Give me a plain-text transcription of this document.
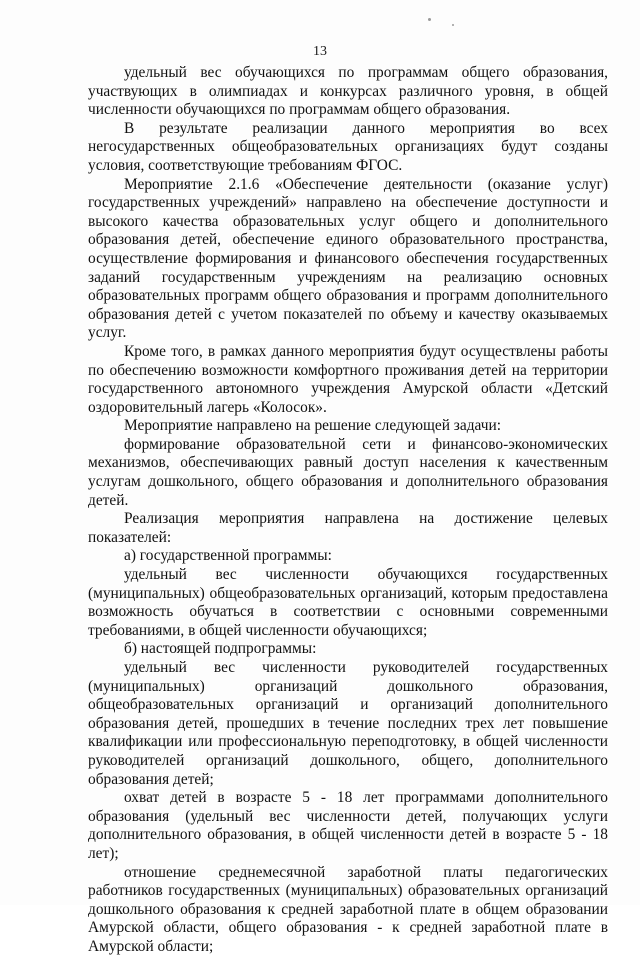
13

удельный вес обучающихся по программам общего образования, участвующих в олимпиадах и конкурсах различного уровня, в общей численности обучающихся по программам общего образования.

В результате реализации данного мероприятия во всех негосударственных общеобразовательных организациях будут созданы условия, соответствующие требованиям ФГОС.

Мероприятие 2.1.6 «Обеспечение деятельности (оказание услуг) государственных учреждений» направлено на обеспечение доступности и высокого качества образовательных услуг общего и дополнительного образования детей, обеспечение единого образовательного пространства, осуществление формирования и финансового обеспечения государственных заданий государственным учреждениям на реализацию основных образовательных программ общего образования и программ дополнительного образования детей с учетом показателей по объему и качеству оказываемых услуг.

Кроме того, в рамках данного мероприятия будут осуществлены работы по обеспечению возможности комфортного проживания детей на территории государственного автономного учреждения Амурской области «Детский оздоровительный лагерь «Колосок».

Мероприятие направлено на решение следующей задачи:

формирование образовательной сети и финансово-экономических механизмов, обеспечивающих равный доступ населения к качественным услугам дошкольного, общего образования и дополнительного образования детей.

Реализация мероприятия направлена на достижение целевых показателей:

а) государственной программы:

удельный вес численности обучающихся государственных (муниципальных) общеобразовательных организаций, которым предоставлена возможность обучаться в соответствии с основными современными требованиями, в общей численности обучающихся;

б) настоящей подпрограммы:

удельный вес численности руководителей государственных (муниципальных) организаций дошкольного образования, общеобразовательных организаций и организаций дополнительного образования детей, прошедших в течение последних трех лет повышение квалификации или профессиональную переподготовку, в общей численности руководителей организаций дошкольного, общего, дополнительного образования детей;

охват детей в возрасте 5 - 18 лет программами дополнительного образования (удельный вес численности детей, получающих услуги дополнительного образования, в общей численности детей в возрасте 5 - 18 лет);

отношение среднемесячной заработной платы педагогических работников государственных (муниципальных) образовательных организаций дошкольного образования к средней заработной плате в общем образовании Амурской области, общего образования - к средней заработной плате в Амурской области;
